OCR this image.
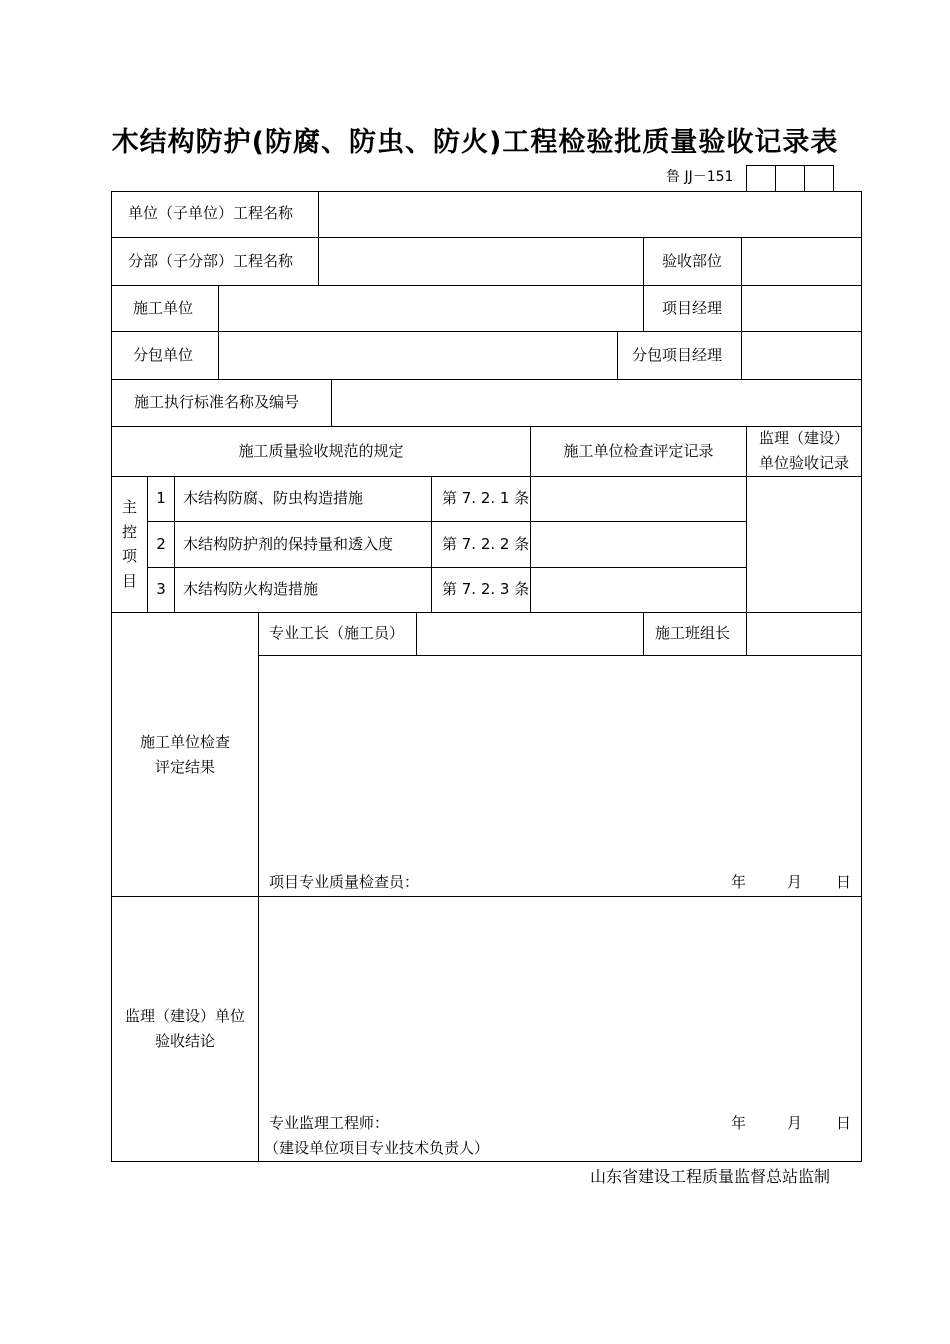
木结构防护(防腐、防虫、防火)工程检验批质量验收记录表
鲁 JJ－151
单位（子单位）工程名称
分部（子分部）工程名称	验收部位
施工单位	项目经理
分包单位	分包项目经理
施工执行标准名称及编号
施工质量验收规范的规定	施工单位检查评定记录
监理（建设）
单位验收记录
主
控
项
目
1	木结构防腐、防虫构造措施	第 7. 2. 1 条
2	木结构防护剂的保持量和透入度	第 7. 2. 2 条
3	木结构防火构造措施	第 7. 2. 3 条
专业工长（施工员）	施工班组长
施工单位检查
评定结果
项目专业质量检查员：	年	月 日
监理（建设）单位
验收结论
专业监理工程师：
（建设单位项目专业技术负责人）
年	月 日
山东省建设工程质量监督总站监制
